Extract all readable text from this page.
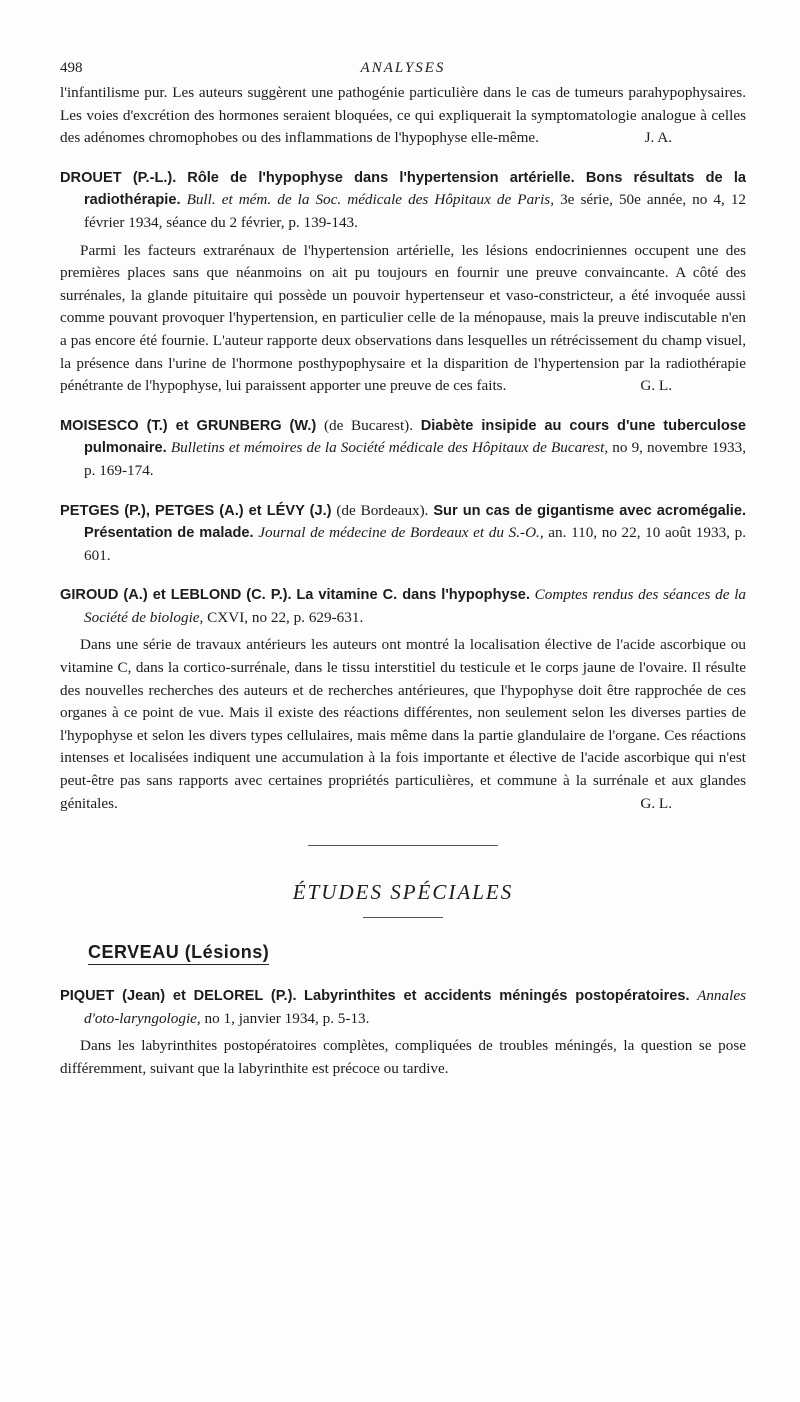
498	ANALYSES

l'infantilisme pur. Les auteurs suggèrent une pathogénie particulière dans le cas de tumeurs parahypophysaires. Les voies d'excrétion des hormones seraient bloquées, ce qui expliquerait la symptomatologie analogue à celles des adénomes chromophobes ou des inflammations de l'hypophyse elle-même.	J. A.

DROUET (P.-L.). Rôle de l'hypophyse dans l'hypertension artérielle. Bons résultats de la radiothérapie. Bull. et mém. de la Soc. médicale des Hôpitaux de Paris, 3e série, 50e année, no 4, 12 février 1934, séance du 2 février, p. 139-143.

Parmi les facteurs extrarénaux de l'hypertension artérielle, les lésions endocriniennes occupent une des premières places sans que néanmoins on ait pu toujours en fournir une preuve convaincante. A côté des surrénales, la glande pituitaire qui possède un pouvoir hypertenseur et vaso-constricteur, a été invoquée aussi comme pouvant provoquer l'hypertension, en particulier celle de la ménopause, mais la preuve indiscutable n'en a pas encore été fournie. L'auteur rapporte deux observations dans lesquelles un rétrécissement du champ visuel, la présence dans l'urine de l'hormone posthypophysaire et la disparition de l'hypertension par la radiothérapie pénétrante de l'hypophyse, lui paraissent apporter une preuve de ces faits.	G. L.

MOISESCO (T.) et GRUNBERG (W.) (de Bucarest). Diabète insipide au cours d'une tuberculose pulmonaire. Bulletins et mémoires de la Société médicale des Hôpitaux de Bucarest, no 9, novembre 1933, p. 169-174.

PETGES (P.), PETGES (A.) et LÉVY (J.) (de Bordeaux). Sur un cas de gigantisme avec acromégalie. Présentation de malade. Journal de médecine de Bordeaux et du S.-O., an. 110, no 22, 10 août 1933, p. 601.

GIROUD (A.) et LEBLOND (C. P.). La vitamine C. dans l'hypophyse. Comptes rendus des séances de la Société de biologie, CXVI, no 22, p. 629-631.

Dans une série de travaux antérieurs les auteurs ont montré la localisation élective de l'acide ascorbique ou vitamine C, dans la cortico-surrénale, dans le tissu interstitiel du testicule et le corps jaune de l'ovaire. Il résulte des nouvelles recherches des auteurs et de recherches antérieures, que l'hypophyse doit être rapprochée de ces organes à ce point de vue. Mais il existe des réactions différentes, non seulement selon les diverses parties de l'hypophyse et selon les divers types cellulaires, mais même dans la partie glandulaire de l'organe. Ces réactions intenses et localisées indiquent une accumulation à la fois importante et élective de l'acide ascorbique qui n'est peut-être pas sans rapports avec certaines propriétés particulières, et commune à la surrénale et aux glandes génitales.	G. L.

ÉTUDES SPÉCIALES
CERVEAU (Lésions)

PIQUET (Jean) et DELOREL (P.). Labyrinthites et accidents méningés postopératoires. Annales d'oto-laryngologie, no 1, janvier 1934, p. 5-13.

Dans les labyrinthites postopératoires complètes, compliquées de troubles méningés, la question se pose différemment, suivant que la labyrinthite est précoce ou tardive.
